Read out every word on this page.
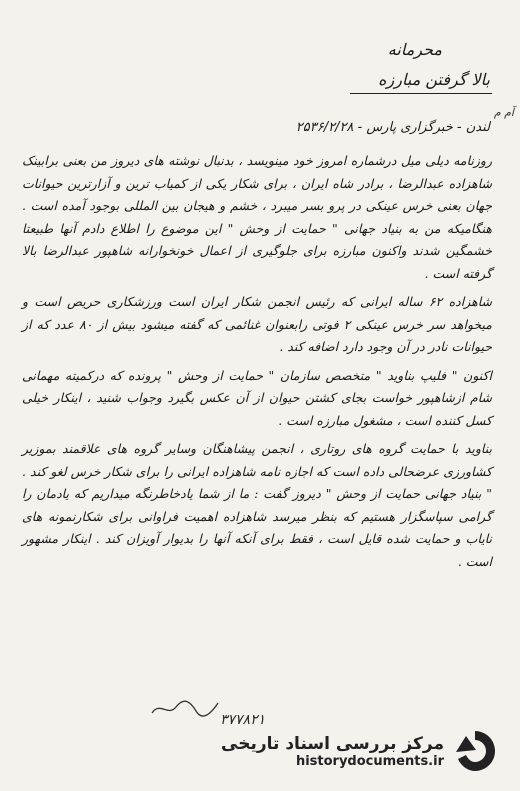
محرمانه
بالا گرفتن مبارزه
آم م
لندن - خبرگزاری پارس - ۲۵۳۶/۲/۲۸

روزنامه دیلی میل درشماره امروز خود مینویسد ، بدنبال نوشته های دیروز من بعنی برابینک شاهزاده عبدالرضا ، برادر شاه ایران ، برای شکار یکی از کمیاب ترین و آزارترین حیوانات جهان بعنی خرس عینکی در پرو بسر میبرد ، خشم و هیجان بین المللی بوجود آمده است . هنگامیکه من به بنیاد جهانی " حمایت از وحش " این موضوع را اطلاع دادم آنها طبیعتا خشمگین شدند واکنون مبارزه برای جلوگیری از اعمال خونخوارانه شاهپور عبدالرضا بالا گرفته است .

شاهزاده ۶۲ ساله ایرانی که رئیس انجمن شکار ایران است ورزشکاری حریص است و میخواهد سر خرس عینکی ۲ فوتی رابعنوان غنائمی که گفته میشود بیش از ۸۰ عدد که از حیوانات نادر در آن وجود دارد اضافه کند .

اکنون " فلیپ بناوید " متخصص سازمان " حمایت از وحش " پرونده که درکمیته مهمانی شام ازشاهپور خواست بجای کشتن حیوان از آن عکس بگیرد وجواب شنید ، اینکار خیلی کسل کننده است ، مشغول مبارزه است .

بناوید با حمایت گروه های روتاری ، انجمن پیشاهنگان وسایر گروه های علاقمند بموزیر کشاورزی عرضحالی داده است که اجازه نامه شاهزاده ایرانی را برای شکار خرس لغو کند . " بنیاد جهانی حمایت از وحش " دیروز گفت : ما از شما یادخاطرنگه میداریم که یادمان را گرامی سپاسگزار هستیم که بنظر میرسد شاهزاده اهمیت فراوانی برای شکارنمونه های نایاب و حمایت شده قایل است ، فقط برای آنکه آنها را بدیوار آویزان کند . اینکار مشهور است .

۳۷۷۸۲۱
مرکز بررسی اسناد تاریخی
historydocuments.ir
